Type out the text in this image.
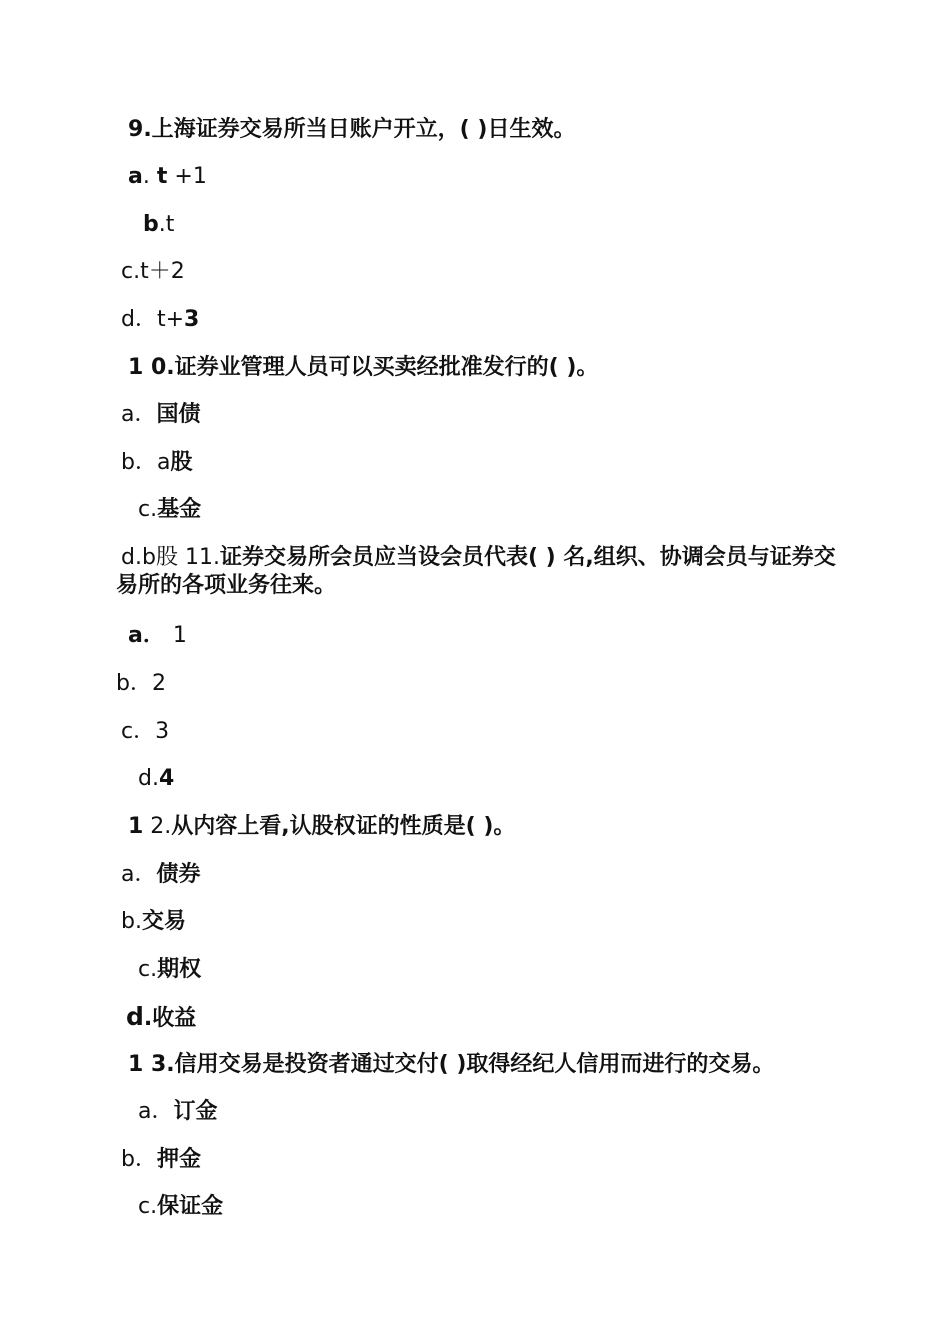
9.上海证券交易所当日账户开立，( )日生效。
a. t +1
b.t
c.t＋2
d．t+3
1 0.证券业管理人员可以买卖经批准发行的( )。
a．国债
b．a股
c.基金
d.b股 11.证券交易所会员应当设会员代表( ) 名,组织、协调会员与证券交易所的各项业务往来。
a． 1
b．2
c．3
d.4
1 2.从内容上看,认股权证的性质是( )。
a．债券
b.交易
c.期权
d.收益
1 3.信用交易是投资者通过交付( )取得经纪人信用而进行的交易。
a．订金
b．押金
c.保证金
